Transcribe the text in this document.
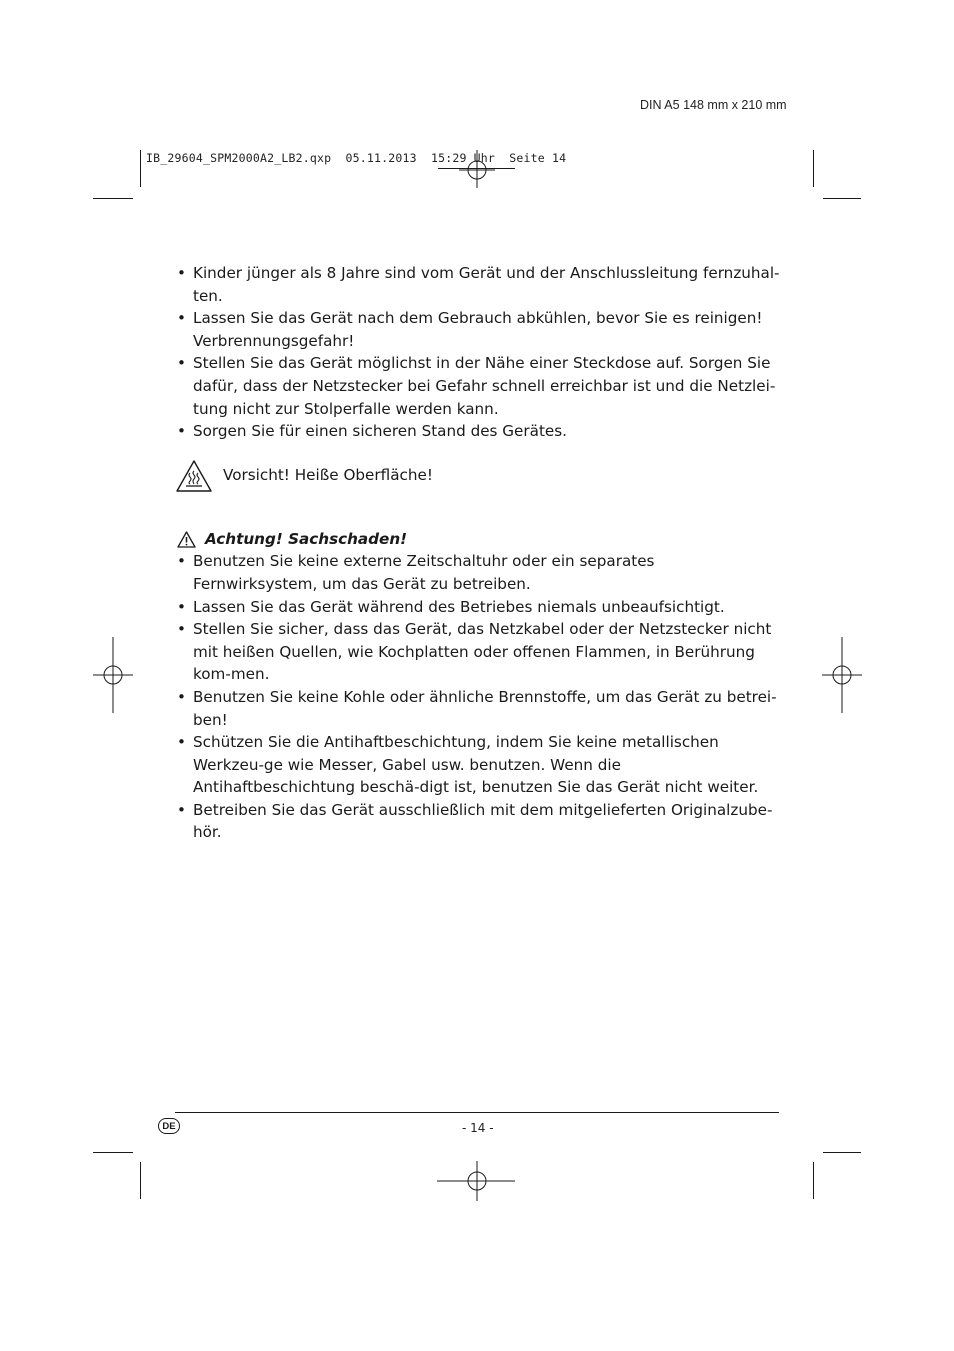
DIN A5 148 mm x 210 mm
IB_29604_SPM2000A2_LB2.qxp  05.11.2013  15:29 Uhr  Seite 14
• Kinder jünger als 8 Jahre sind vom Gerät und der Anschlussleitung fernzuhal-ten.
• Lassen Sie das Gerät nach dem Gebrauch abkühlen, bevor Sie es reinigen! Verbrennungsgefahr!
• Stellen Sie das Gerät möglichst in der Nähe einer Steckdose auf. Sorgen Sie dafür, dass der Netzstecker bei Gefahr schnell erreichbar ist und die Netzlei-tung nicht zur Stolperfalle werden kann.
• Sorgen Sie für einen sicheren Stand des Gerätes.
Vorsicht! Heiße Oberfläche!
Achtung! Sachschaden!
• Benutzen Sie keine externe Zeitschaltuhr oder ein separates Fernwirksystem, um das Gerät zu betreiben.
• Lassen Sie das Gerät während des Betriebes niemals unbeaufsichtigt.
• Stellen Sie sicher, dass das Gerät, das Netzkabel oder der Netzstecker nicht mit heißen Quellen, wie Kochplatten oder offenen Flammen, in Berührung kom-men.
• Benutzen Sie keine Kohle oder ähnliche Brennstoffe, um das Gerät zu betrei-ben!
• Schützen Sie die Antihaftbeschichtung, indem Sie keine metallischen Werkzeu-ge wie Messer, Gabel usw. benutzen. Wenn die Antihaftbeschichtung beschä-digt ist, benutzen Sie das Gerät nicht weiter.
• Betreiben Sie das Gerät ausschließlich mit dem mitgelieferten Originalzube-hör.
DE	- 14 -
